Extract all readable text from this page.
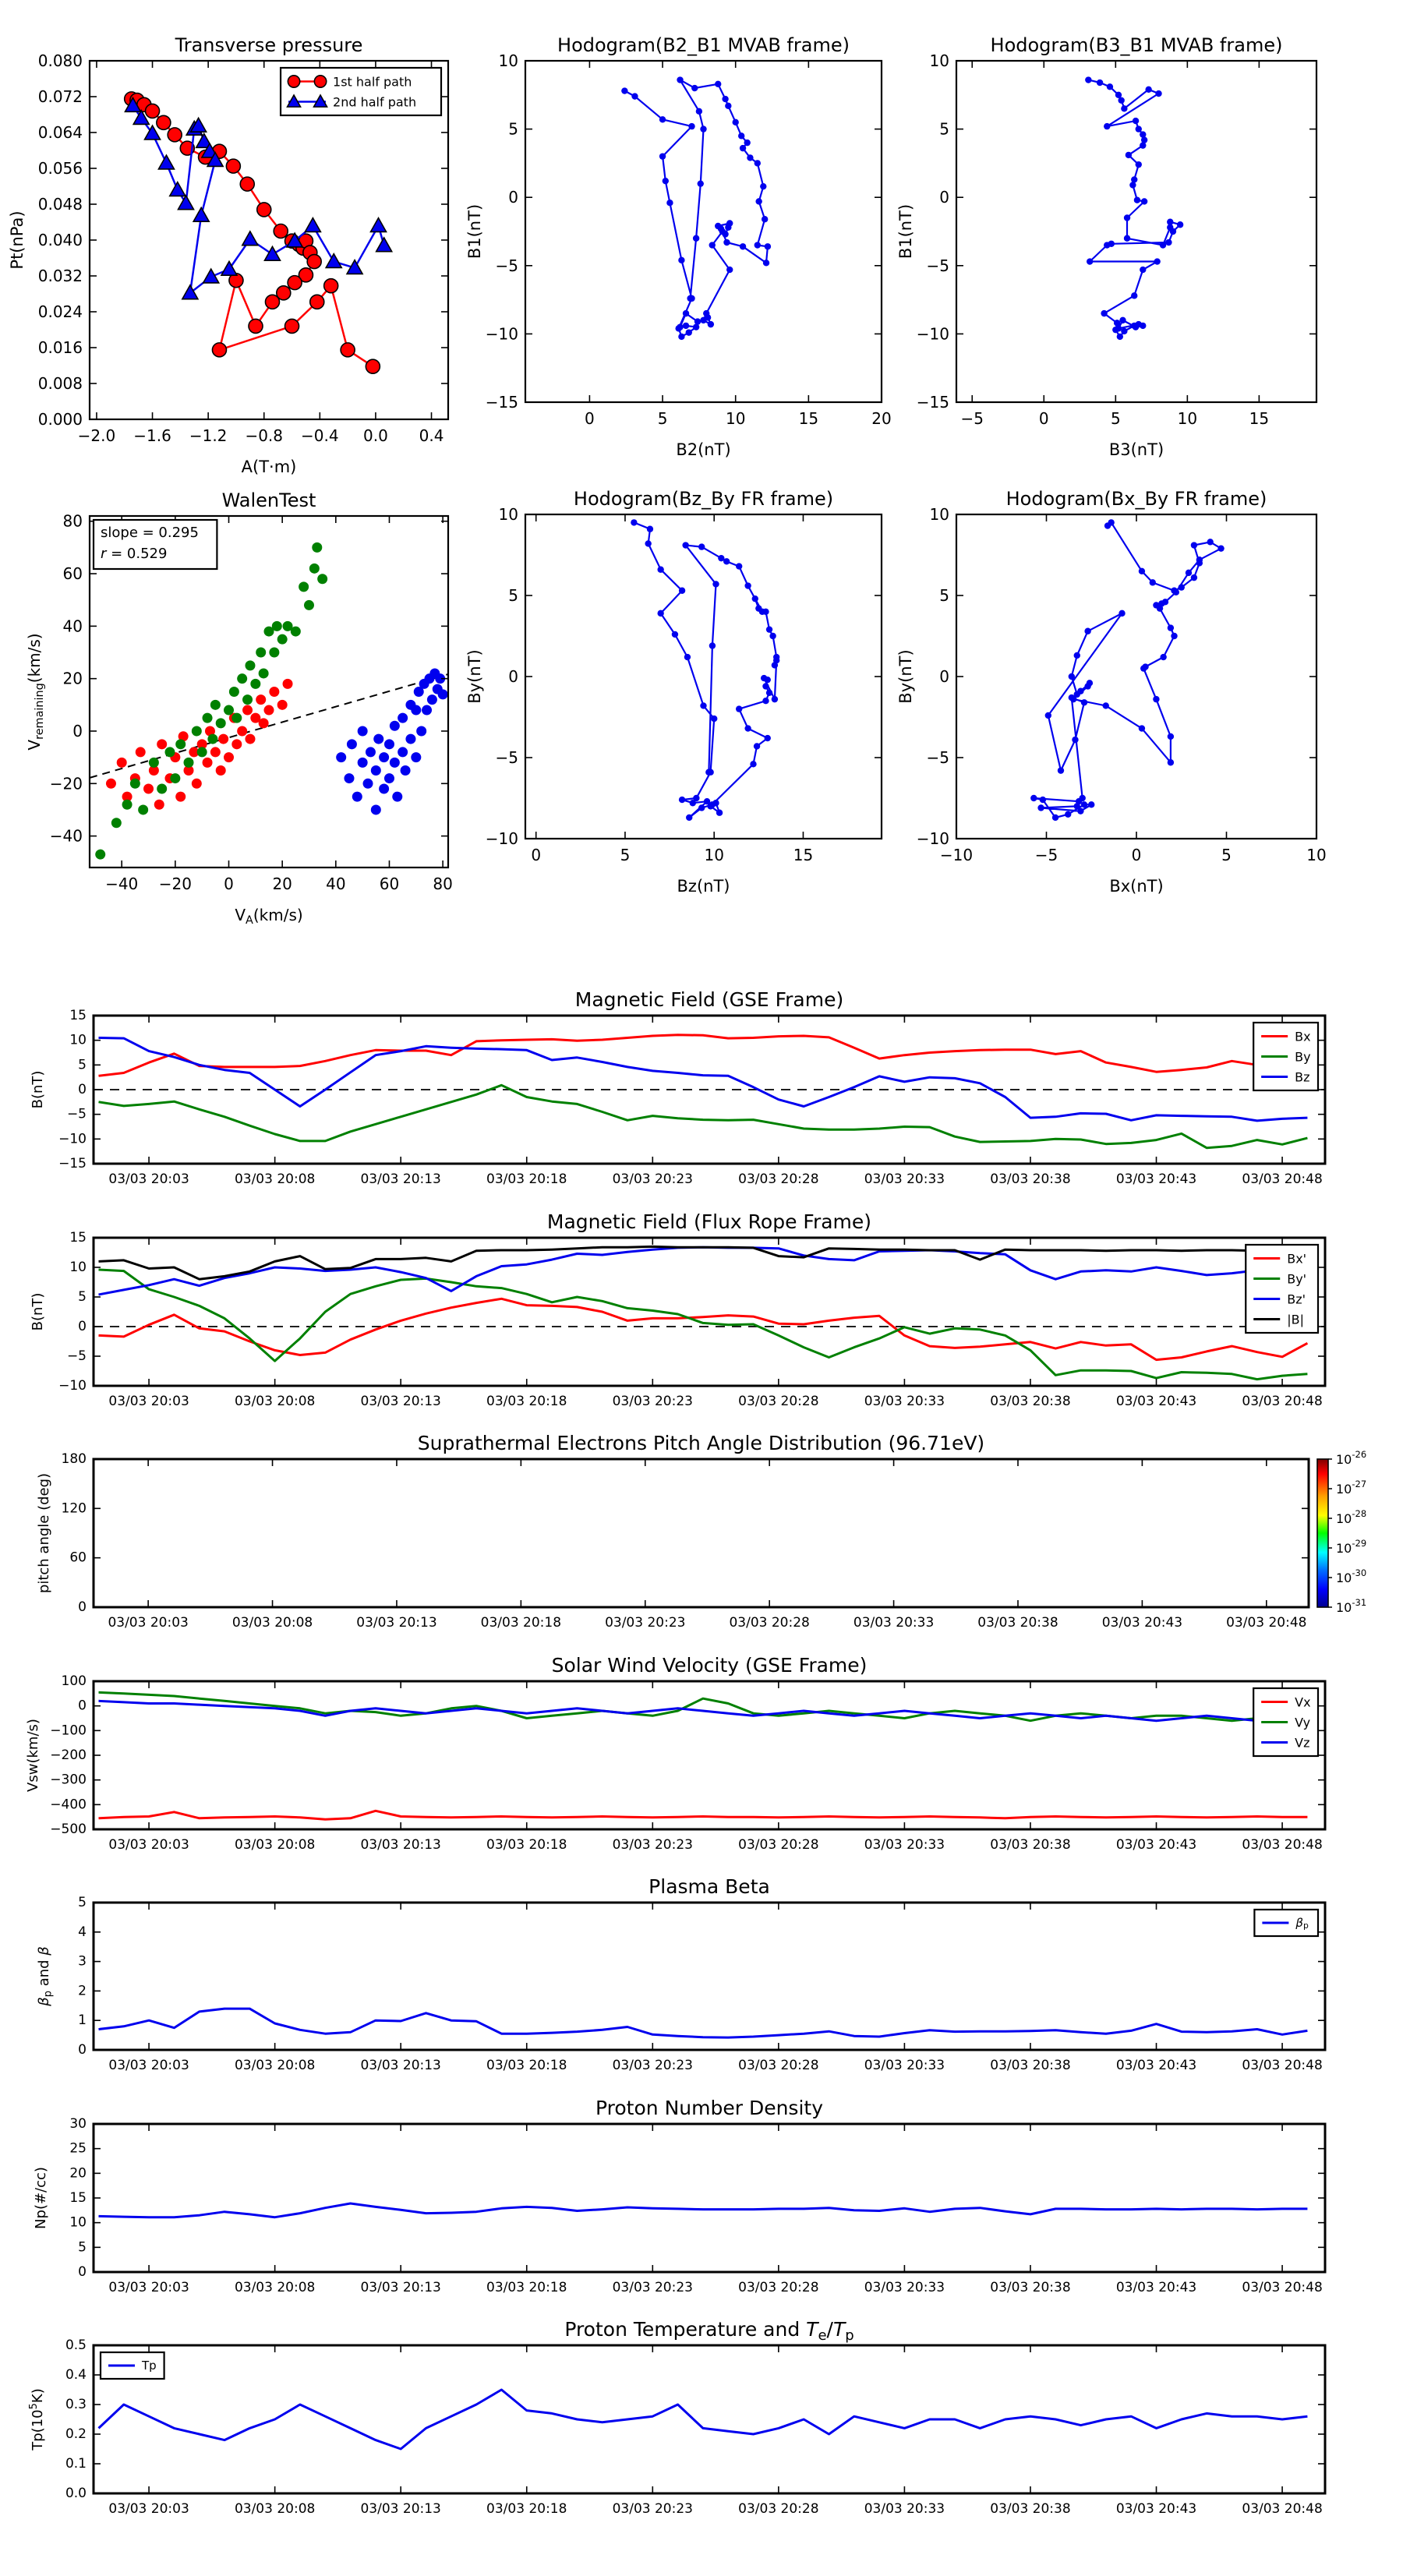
Transverse pressure
−2.0 −1.6 −1.2 −0.8 −0.4 0.0 0.4
0.000
0.008
0.016
0.024
0.032
0.040
0.048
0.056
0.064
0.072
0.080
A(T·m)
Pt(nPa)
1st half path
2nd half path
Hodogram(B2_B1 MVAB frame)
0	5	10	15	20
−15
−10
−5
0
5
10
B2(nT)
B1(nT)
Hodogram(B3_B1 MVAB frame)
−5	0	5	10	15
−15
−10
−5
0
5
10
B3(nT)
B1(nT)
WalenTest
−40 −20 0 20 40 60 80
−40
−20
0
20
40
60
80
$V_A(km/s)$
$V_{remaining}(km/s)$
slope = 0.295
r = 0.529
Hodogram(Bz_By FR frame)
0	5	10	15
−10
−5
0
5
10
Bz(nT)
By(nT)
Hodogram(Bx_By FR frame)
−10	−5	0	5	10
−10
−5
0
5
10
Bx(nT)
By(nT)
Magnetic Field (GSE Frame)
03/03 20:03	03/03 20:08	03/03 20:13	03/03 20:18	03/03 20:23	03/03 20:28	03/03 20:33	03/03 20:38	03/03 20:43	03/03 20:48
−15
−10
−5
0
5
10
15
B(nT)
Bx
By
Bz
Magnetic Field (Flux Rope Frame)
03/03 20:03	03/03 20:08	03/03 20:13	03/03 20:18	03/03 20:23	03/03 20:28	03/03 20:33	03/03 20:38	03/03 20:43	03/03 20:48
−10
−5
0
5
10
15
B(nT)
Bx'
By'
Bz'
|B|
Suprathermal Electrons Pitch Angle Distribution (96.71eV)
03/03 20:03	03/03 20:08	03/03 20:13	03/03 20:18	03/03 20:23	03/03 20:28	03/03 20:33	03/03 20:38	03/03 20:43	03/03 20:48
0
60
120
180
pitch angle (deg)
$10^{-26}$
$10^{-27}$
$10^{-28}$
$10^{-29}$
$10^{-30}$
$10^{-31}$
Solar Wind Velocity (GSE Frame)
03/03 20:03	03/03 20:08	03/03 20:13	03/03 20:18	03/03 20:23	03/03 20:28	03/03 20:33	03/03 20:38	03/03 20:43	03/03 20:48
−500
−400
−300
−200
−100
0
100
Vsw(km/s)
Vx
Vy
Vz
Plasma Beta
03/03 20:03	03/03 20:08	03/03 20:13	03/03 20:18	03/03 20:23	03/03 20:28	03/03 20:33	03/03 20:38	03/03 20:43	03/03 20:48
0
1
2
3
4
5
$\beta_p$ and β
$\beta_p$
Proton Number Density
03/03 20:03	03/03 20:08	03/03 20:13	03/03 20:18	03/03 20:23	03/03 20:28	03/03 20:33	03/03 20:38	03/03 20:43	03/03 20:48
0
5
10
15
20
25
30
Np(#/cc)
Proton Temperature and $T_e/T_p$
03/03 20:03	03/03 20:08	03/03 20:13	03/03 20:18	03/03 20:23	03/03 20:28	03/03 20:33	03/03 20:38	03/03 20:43	03/03 20:48
0.0
0.1
0.2
0.3
0.4
0.5
$Tp(10^5K)$
Tp
